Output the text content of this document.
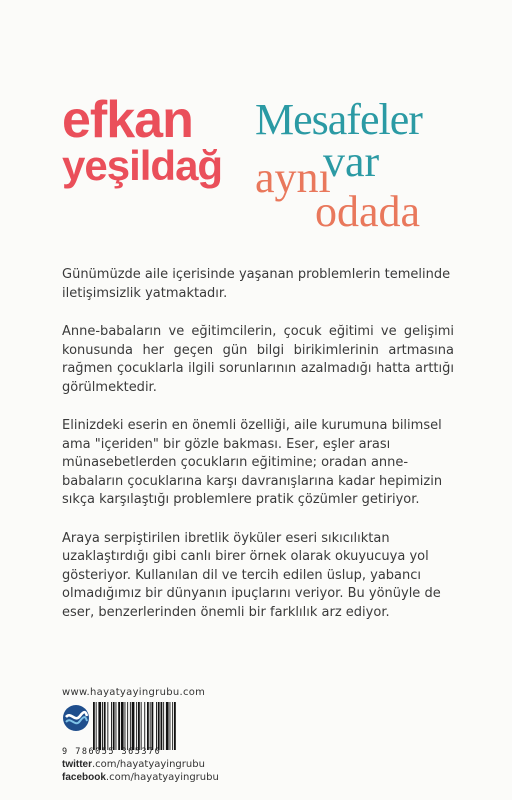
efkan
yeşildağ
Mesafeler
var
aynı
odada

Günümüzde aile içerisinde yaşanan problemlerin temelinde iletişimsizlik yatmaktadır.

Anne-babaların ve eğitimcilerin, çocuk eğitimi ve gelişimi konusunda her geçen gün bilgi birikimlerinin artmasına rağmen çocuklarla ilgili sorunlarının azalmadığı hatta arttığı görülmektedir.

Elinizdeki eserin en önemli özelliği, aile kurumuna bilimsel ama "içeriden" bir gözle bakması. Eser, eşler arası münasebetlerden çocukların eğitimine; oradan anne-babaların çocuklarına karşı davranışlarına kadar hepimizin sıkça karşılaştığı problemlere pratik çözümler getiriyor.

Araya serpiştirilen ibretlik öyküler eseri sıkıcılıktan uzaklaştırdığı gibi canlı birer örnek olarak okuyucuya yol gösteriyor. Kullanılan dil ve tercih edilen üslup, yabancı olmadığımız bir dünyanın ipuçlarını veriyor. Bu yönüyle de eser, benzerlerinden önemli bir farklılık arz ediyor.

www.hayatyayingrubu.com
9 786055 365370
twitter.com/hayatyayingrubu
facebook.com/hayatyayingrubu
